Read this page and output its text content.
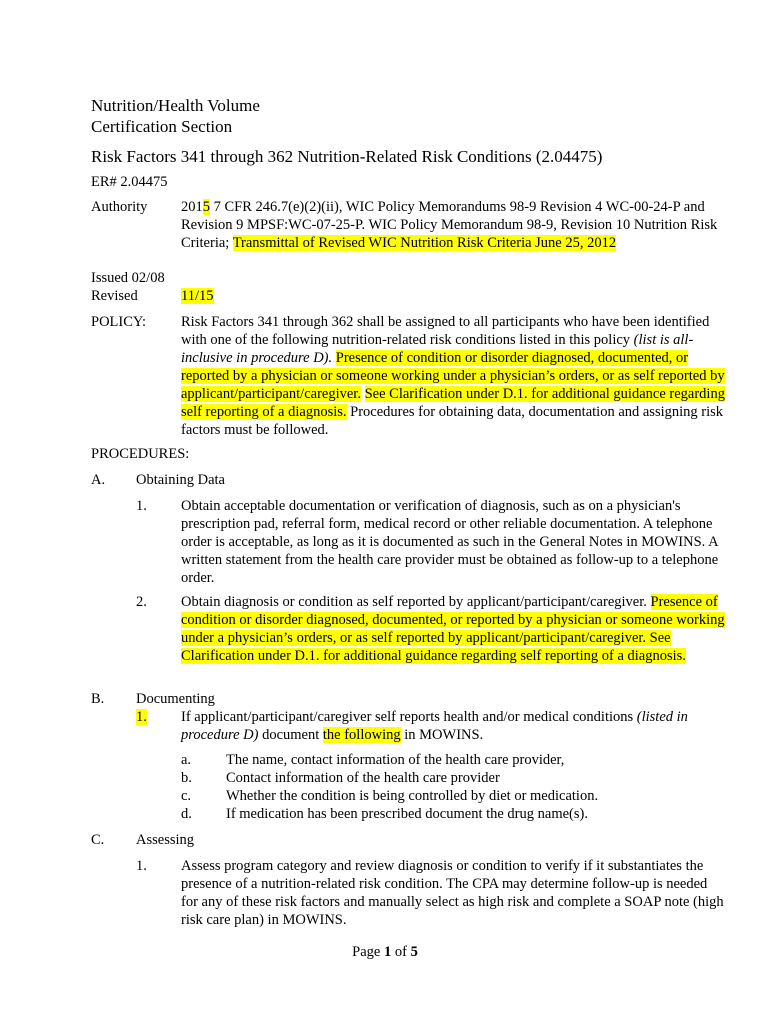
Nutrition/Health Volume
Certification Section
Risk Factors 341 through 362 Nutrition-Related Risk Conditions (2.04475)
ER# 2.04475
Authority 2015 7 CFR 246.7(e)(2)(ii), WIC Policy Memorandums 98-9 Revision 4 WC-00-24-P and Revision 9 MPSF:WC-07-25-P. WIC Policy Memorandum 98-9, Revision 10 Nutrition Risk Criteria; Transmittal of Revised WIC Nutrition Risk Criteria June 25, 2012
Issued 02/08
Revised	11/15
POLICY: Risk Factors 341 through 362 shall be assigned to all participants who have been identified with one of the following nutrition-related risk conditions listed in this policy (list is all-inclusive in procedure D). Presence of condition or disorder diagnosed, documented, or reported by a physician or someone working under a physician’s orders, or as self reported by applicant/participant/caregiver. See Clarification under D.1. for additional guidance regarding self reporting of a diagnosis. Procedures for obtaining data, documentation and assigning risk factors must be followed.
PROCEDURES:
A. Obtaining Data
1. Obtain acceptable documentation or verification of diagnosis, such as on a physician's prescription pad, referral form, medical record or other reliable documentation. A telephone order is acceptable, as long as it is documented as such in the General Notes in MOWINS. A written statement from the health care provider must be obtained as follow-up to a telephone order.
2. Obtain diagnosis or condition as self reported by applicant/participant/caregiver. Presence of condition or disorder diagnosed, documented, or reported by a physician or someone working under a physician’s orders, or as self reported by applicant/participant/caregiver. See Clarification under D.1. for additional guidance regarding self reporting of a diagnosis.
B. Documenting
1. If applicant/participant/caregiver self reports health and/or medical conditions (listed in procedure D) document the following in MOWINS.
a. The name, contact information of the health care provider,
b. Contact information of the health care provider
c. Whether the condition is being controlled by diet or medication.
d. If medication has been prescribed document the drug name(s).
C. Assessing
1. Assess program category and review diagnosis or condition to verify if it substantiates the presence of a nutrition-related risk condition. The CPA may determine follow-up is needed for any of these risk factors and manually select as high risk and complete a SOAP note (high risk care plan) in MOWINS.
Page 1 of 5
